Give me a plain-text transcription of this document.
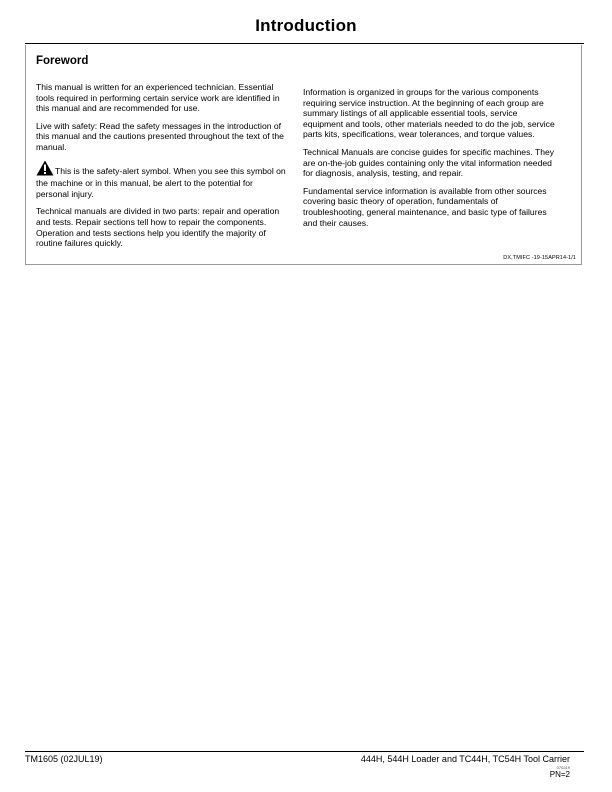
Introduction
Foreword

This manual is written for an experienced technician. Essential tools required in performing certain service work are identified in this manual and are recommended for use.

Live with safety: Read the safety messages in the introduction of this manual and the cautions presented throughout the text of the manual.

This is the safety-alert symbol. When you see this symbol on the machine or in this manual, be alert to the potential for personal injury.

Technical manuals are divided in two parts: repair and operation and tests. Repair sections tell how to repair the components. Operation and tests sections help you identify the majority of routine failures quickly.

Information is organized in groups for the various components requiring service instruction. At the beginning of each group are summary listings of all applicable essential tools, service equipment and tools, other materials needed to do the job, service parts kits, specifications, wear tolerances, and torque values.

Technical Manuals are concise guides for specific machines. They are on-the-job guides containing only the vital information needed for diagnosis, analysis, testing, and repair.

Fundamental service information is available from other sources covering basic theory of operation, fundamentals of troubleshooting, general maintenance, and basic type of failures and their causes.

DX,TMIFC -19-15APR14-1/1
TM1605 (02JUL19)	444H, 544H Loader and TC44H, TC54H Tool Carrier
070219
PN=2
